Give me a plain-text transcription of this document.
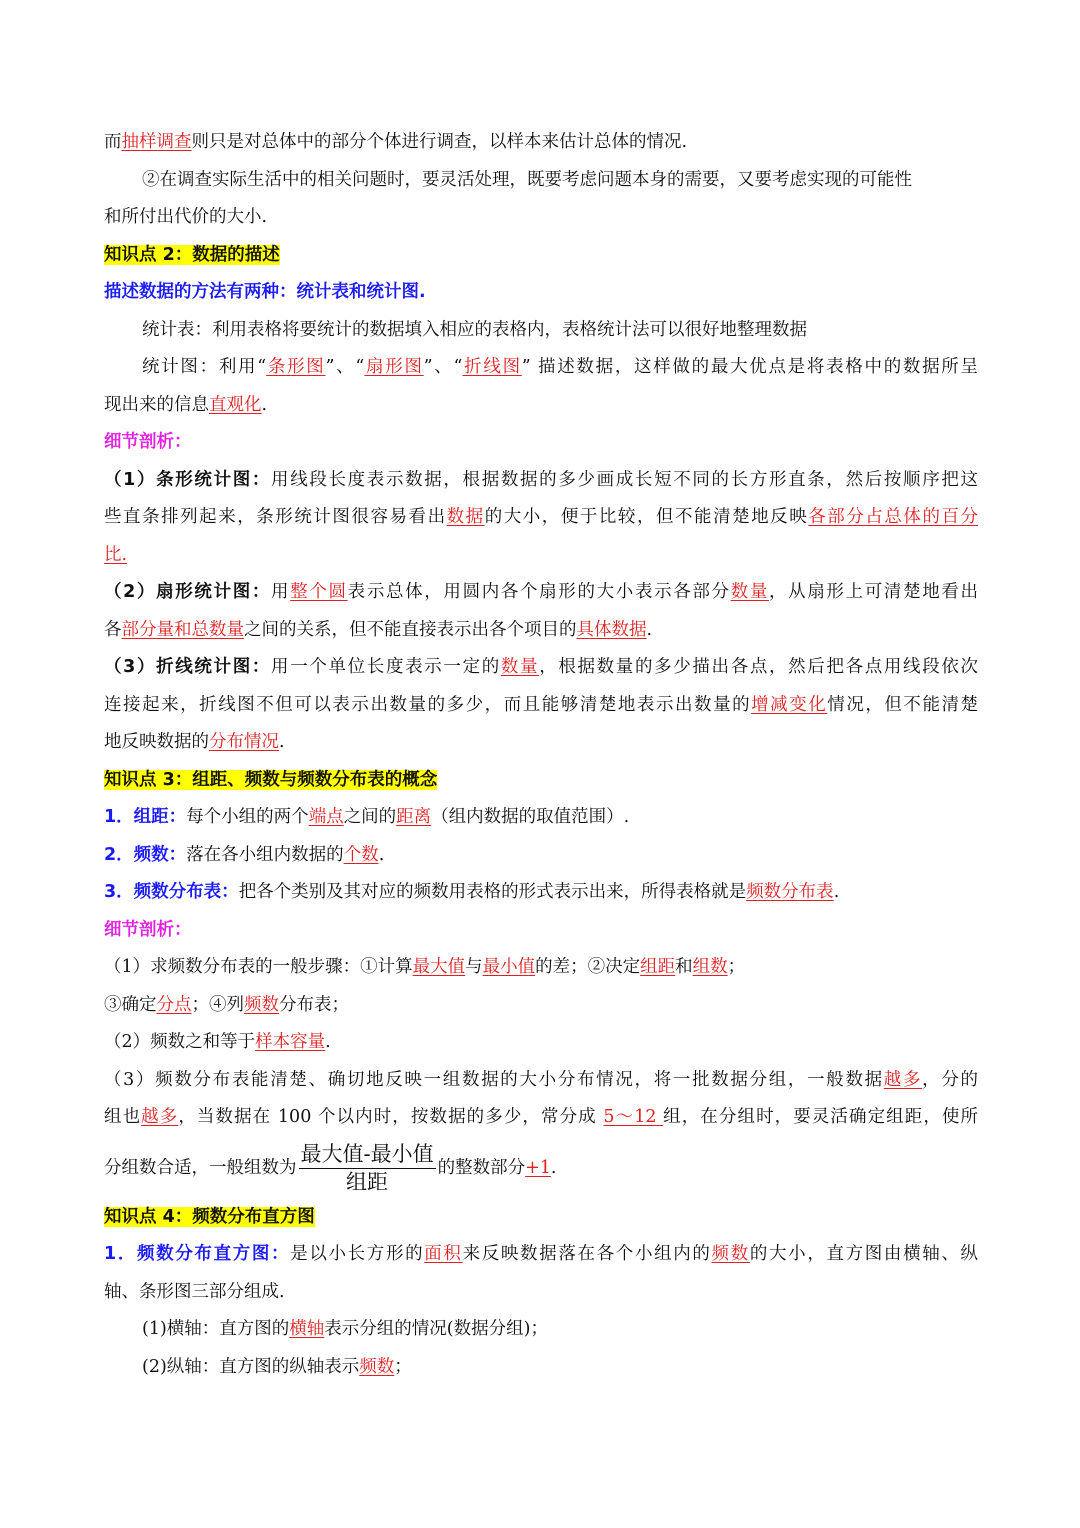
而抽样调查则只是对总体中的部分个体进行调查，以样本来估计总体的情况.
②在调查实际生活中的相关问题时，要灵活处理，既要考虑问题本身的需要，又要考虑实现的可能性
和所付出代价的大小.
知识点 2：数据的描述
描述数据的方法有两种：统计表和统计图.
统计表：利用表格将要统计的数据填入相应的表格内，表格统计法可以很好地整理数据
统计图：利用“条形图”、“扇形图”、“折线图” 描述数据，这样做的最大优点是将表格中的数据所呈
现出来的信息直观化.
细节剖析：
（1）条形统计图：用线段长度表示数据，根据数据的多少画成长短不同的长方形直条，然后按顺序把这
些直条排列起来，条形统计图很容易看出数据的大小，便于比较，但不能清楚地反映各部分占总体的百分
比.
（2）扇形统计图：用整个圆表示总体，用圆内各个扇形的大小表示各部分数量，从扇形上可清楚地看出
各部分量和总数量之间的关系，但不能直接表示出各个项目的具体数据.
（3）折线统计图：用一个单位长度表示一定的数量，根据数量的多少描出各点，然后把各点用线段依次
连接起来，折线图不但可以表示出数量的多少，而且能够清楚地表示出数量的增减变化情况，但不能清楚
地反映数据的分布情况.
知识点 3：组距、频数与频数分布表的概念
1．组距：每个小组的两个端点之间的距离（组内数据的取值范围）.
2．频数：落在各小组内数据的个数.
3．频数分布表：把各个类别及其对应的频数用表格的形式表示出来，所得表格就是频数分布表.
细节剖析：
（1）求频数分布表的一般步骤：①计算最大值与最小值的差；②决定组距和组数；
③确定分点；④列频数分布表；
（2）频数之和等于样本容量.
（3）频数分布表能清楚、确切地反映一组数据的大小分布情况，将一批数据分组，一般数据越多，分的
组也越多，当数据在 100 个以内时，按数据的多少，常分成 5～12 组，在分组时，要灵活确定组距，使所
分组数合适，一般组数为 $\frac{\text{最大值-最小值}}{\text{组距}}$ 的整数部分+1.
知识点 4：频数分布直方图
1．频数分布直方图：是以小长方形的面积来反映数据落在各个小组内的频数的大小，直方图由横轴、纵
轴、条形图三部分组成.
(1)横轴：直方图的横轴表示分组的情况(数据分组)；
(2)纵轴：直方图的纵轴表示频数；
